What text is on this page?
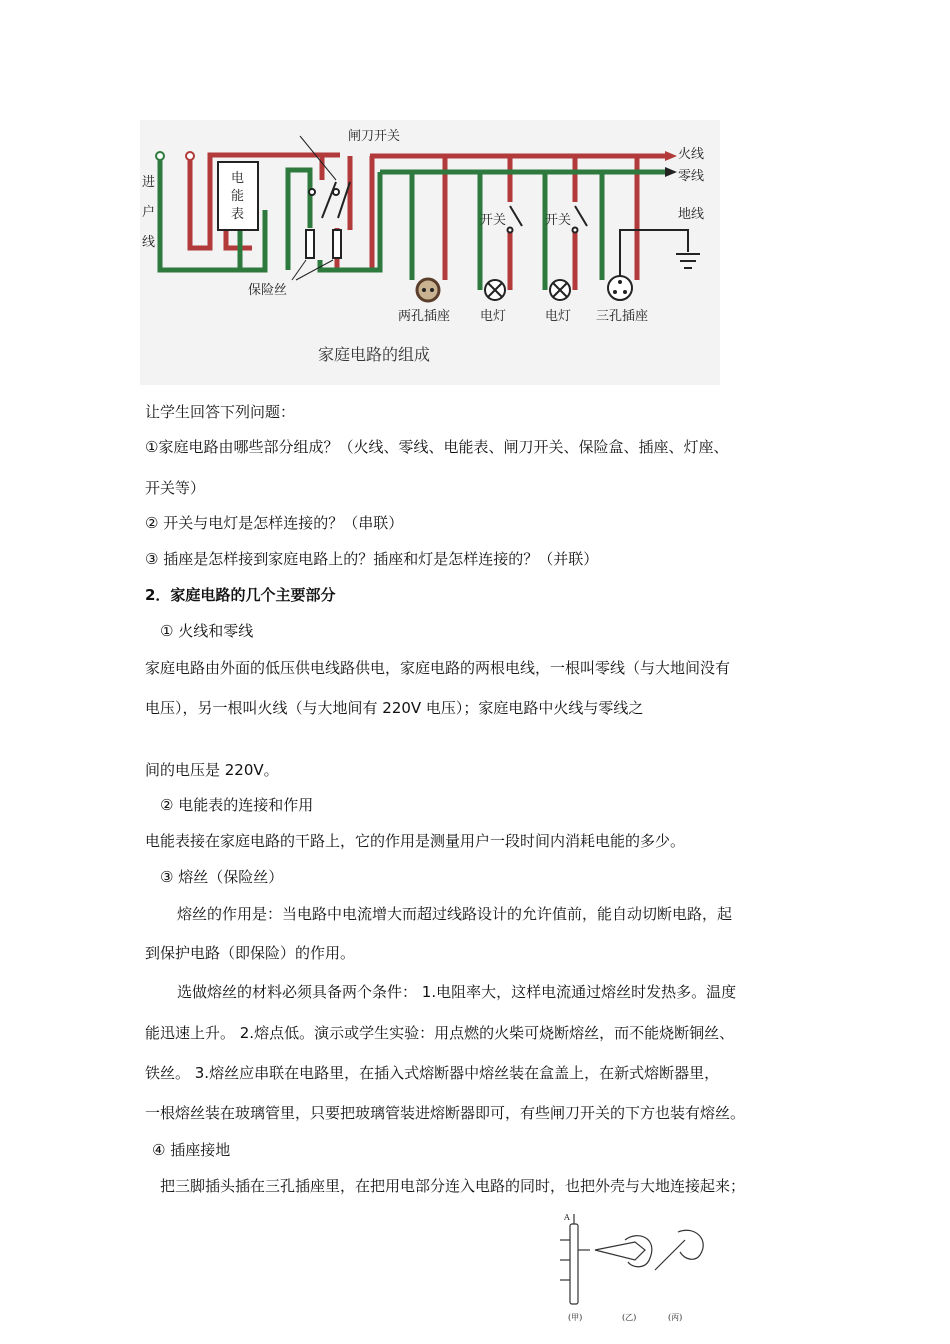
闸刀开关
火线
零线
地线
进
户
线
电
能
表
保险丝
开关	开关
两孔插座 电灯	电灯 三孔插座
家庭电路的组成
让学生回答下列问题：
①家庭电路由哪些部分组成？（火线、零线、电能表、闸刀开关、保险盒、插座、灯座、
开关等）
② 开关与电灯是怎样连接的？（串联）
③ 插座是怎样接到家庭电路上的？插座和灯是怎样连接的？（并联）
2．家庭电路的几个主要部分
① 火线和零线
家庭电路由外面的低压供电线路供电，家庭电路的两根电线，一根叫零线（与大地间没有
电压），另一根叫火线（与大地间有 220V 电压）；家庭电路中火线与零线之
间的电压是 220V。
② 电能表的连接和作用
电能表接在家庭电路的干路上，它的作用是测量用户一段时间内消耗电能的多少。
③ 熔丝（保险丝）
熔丝的作用是：当电路中电流增大而超过线路设计的允许值前，能自动切断电路，起
到保护电路（即保险）的作用。
选做熔丝的材料必须具备两个条件： 1.电阻率大，这样电流通过熔丝时发热多。温度
能迅速上升。 2.熔点低。演示或学生实验：用点燃的火柴可烧断熔丝，而不能烧断铜丝、
铁丝。 3.熔丝应串联在电路里，在插入式熔断器中熔丝装在盒盖上，在新式熔断器里，
一根熔丝装在玻璃管里，只要把玻璃管装进熔断器即可，有些闸刀开关的下方也装有熔丝。
④ 插座接地
把三脚插头插在三孔插座里，在把用电部分连入电路的同时，也把外壳与大地连接起来；
A
(甲)	(乙)	(丙)
